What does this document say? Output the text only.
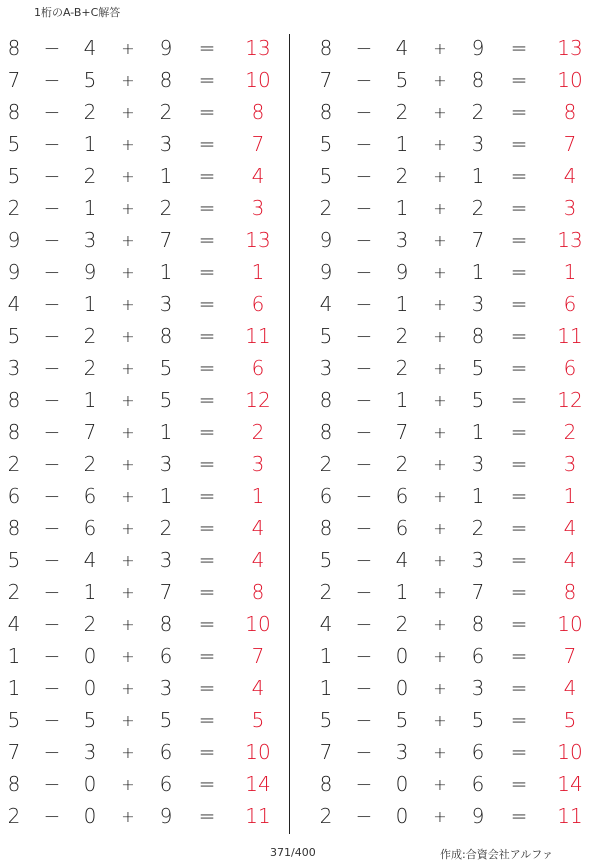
1桁のA-B+C解答
8 − 4	+ 9	=	13
7 − 5	+ 8	=	10
8 − 2	+ 2	=	8
5 − 1	+ 3	=	7
5 − 2	+ 1	=	4
2 − 1	+ 2	=	3
9 − 3	+ 7	=	13
9 − 9	+ 1	=	1
4 − 1	+ 3	=	6
5 − 2	+ 8	=	11
3 − 2	+ 5	=	6
8 − 1	+ 5	=	12
8 − 7	+ 1	=	2
2 − 2	+ 3	=	3
6 − 6	+ 1	=	1
8 − 6	+ 2	=	4
5 − 4	+ 3	=	4
2 − 1	+ 7	=	8
4 − 2	+ 8	=	10
1 − 0	+ 6	=	7
1 − 0	+ 3	=	4
5 − 5	+ 5	=	5
7 − 3	+ 6	=	10
8 − 0	+ 6	=	14
2 − 0	+ 9	=	11
8 − 4	+ 9	=	13
7 − 5	+ 8	=	10
8 − 2	+ 2	=	8
5 − 1	+ 3	=	7
5 − 2	+ 1	=	4
2 − 1	+ 2	=	3
9 − 3	+ 7	=	13
9 − 9	+ 1	=	1
4 − 1	+ 3	=	6
5 − 2	+ 8	=	11
3 − 2	+ 5	=	6
8 − 1	+ 5	=	12
8 − 7	+ 1	=	2
2 − 2	+ 3	=	3
6 − 6	+ 1	=	1
8 − 6	+ 2	=	4
5 − 4	+ 3	=	4
2 − 1	+ 7	=	8
4 − 2	+ 8	=	10
1 − 0	+ 6	=	7
1 − 0	+ 3	=	4
5 − 5	+ 5	=	5
7 − 3	+ 6	=	10
8 − 0	+ 6	=	14
2 − 0	+ 9	=	11
371/400	作成:合資会社アルファ
